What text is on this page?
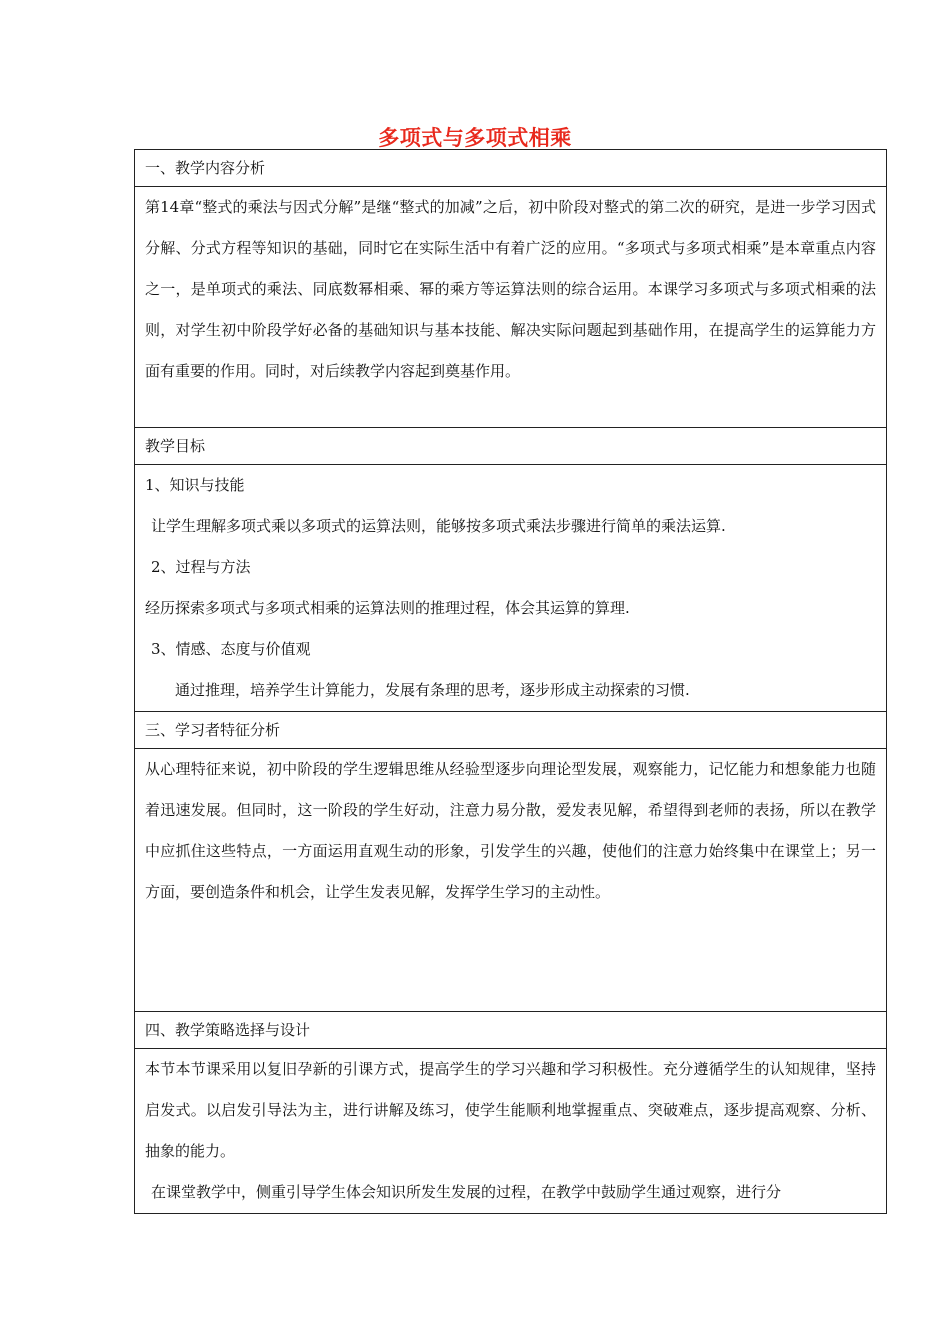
多项式与多项式相乘
一、教学内容分析

第14章“整式的乘法与因式分解”是继“整式的加减”之后，初中阶段对整式的第二次的研究，是进一步学习因式分解、分式方程等知识的基础，同时它在实际生活中有着广泛的应用。“多项式与多项式相乘”是本章重点内容之一，是单项式的乘法、同底数幂相乘、幂的乘方等运算法则的综合运用。本课学习多项式与多项式相乘的法则，对学生初中阶段学好必备的基础知识与基本技能、解决实际问题起到基础作用，在提高学生的运算能力方面有重要的作用。同时，对后续教学内容起到奠基作用。

教学目标

1、知识与技能
让学生理解多项式乘以多项式的运算法则，能够按多项式乘法步骤进行简单的乘法运算.
2、过程与方法
经历探索多项式与多项式相乘的运算法则的推理过程，体会其运算的算理.
3、情感、态度与价值观
通过推理，培养学生计算能力，发展有条理的思考，逐步形成主动探索的习惯.

三、学习者特征分析

从心理特征来说，初中阶段的学生逻辑思维从经验型逐步向理论型发展，观察能力，记忆能力和想象能力也随着迅速发展。但同时，这一阶段的学生好动，注意力易分散，爱发表见解，希望得到老师的表扬，所以在教学中应抓住这些特点，一方面运用直观生动的形象，引发学生的兴趣，使他们的注意力始终集中在课堂上；另一方面，要创造条件和机会，让学生发表见解，发挥学生学习的主动性。

四、教学策略选择与设计

本节本节课采用以复旧孕新的引课方式，提高学生的学习兴趣和学习积极性。充分遵循学生的认知规律，坚持启发式。以启发引导法为主，进行讲解及练习，使学生能顺利地掌握重点、突破难点，逐步提高观察、分析、抽象的能力。

在课堂教学中，侧重引导学生体会知识所发生发展的过程，在教学中鼓励学生通过观察，进行分
